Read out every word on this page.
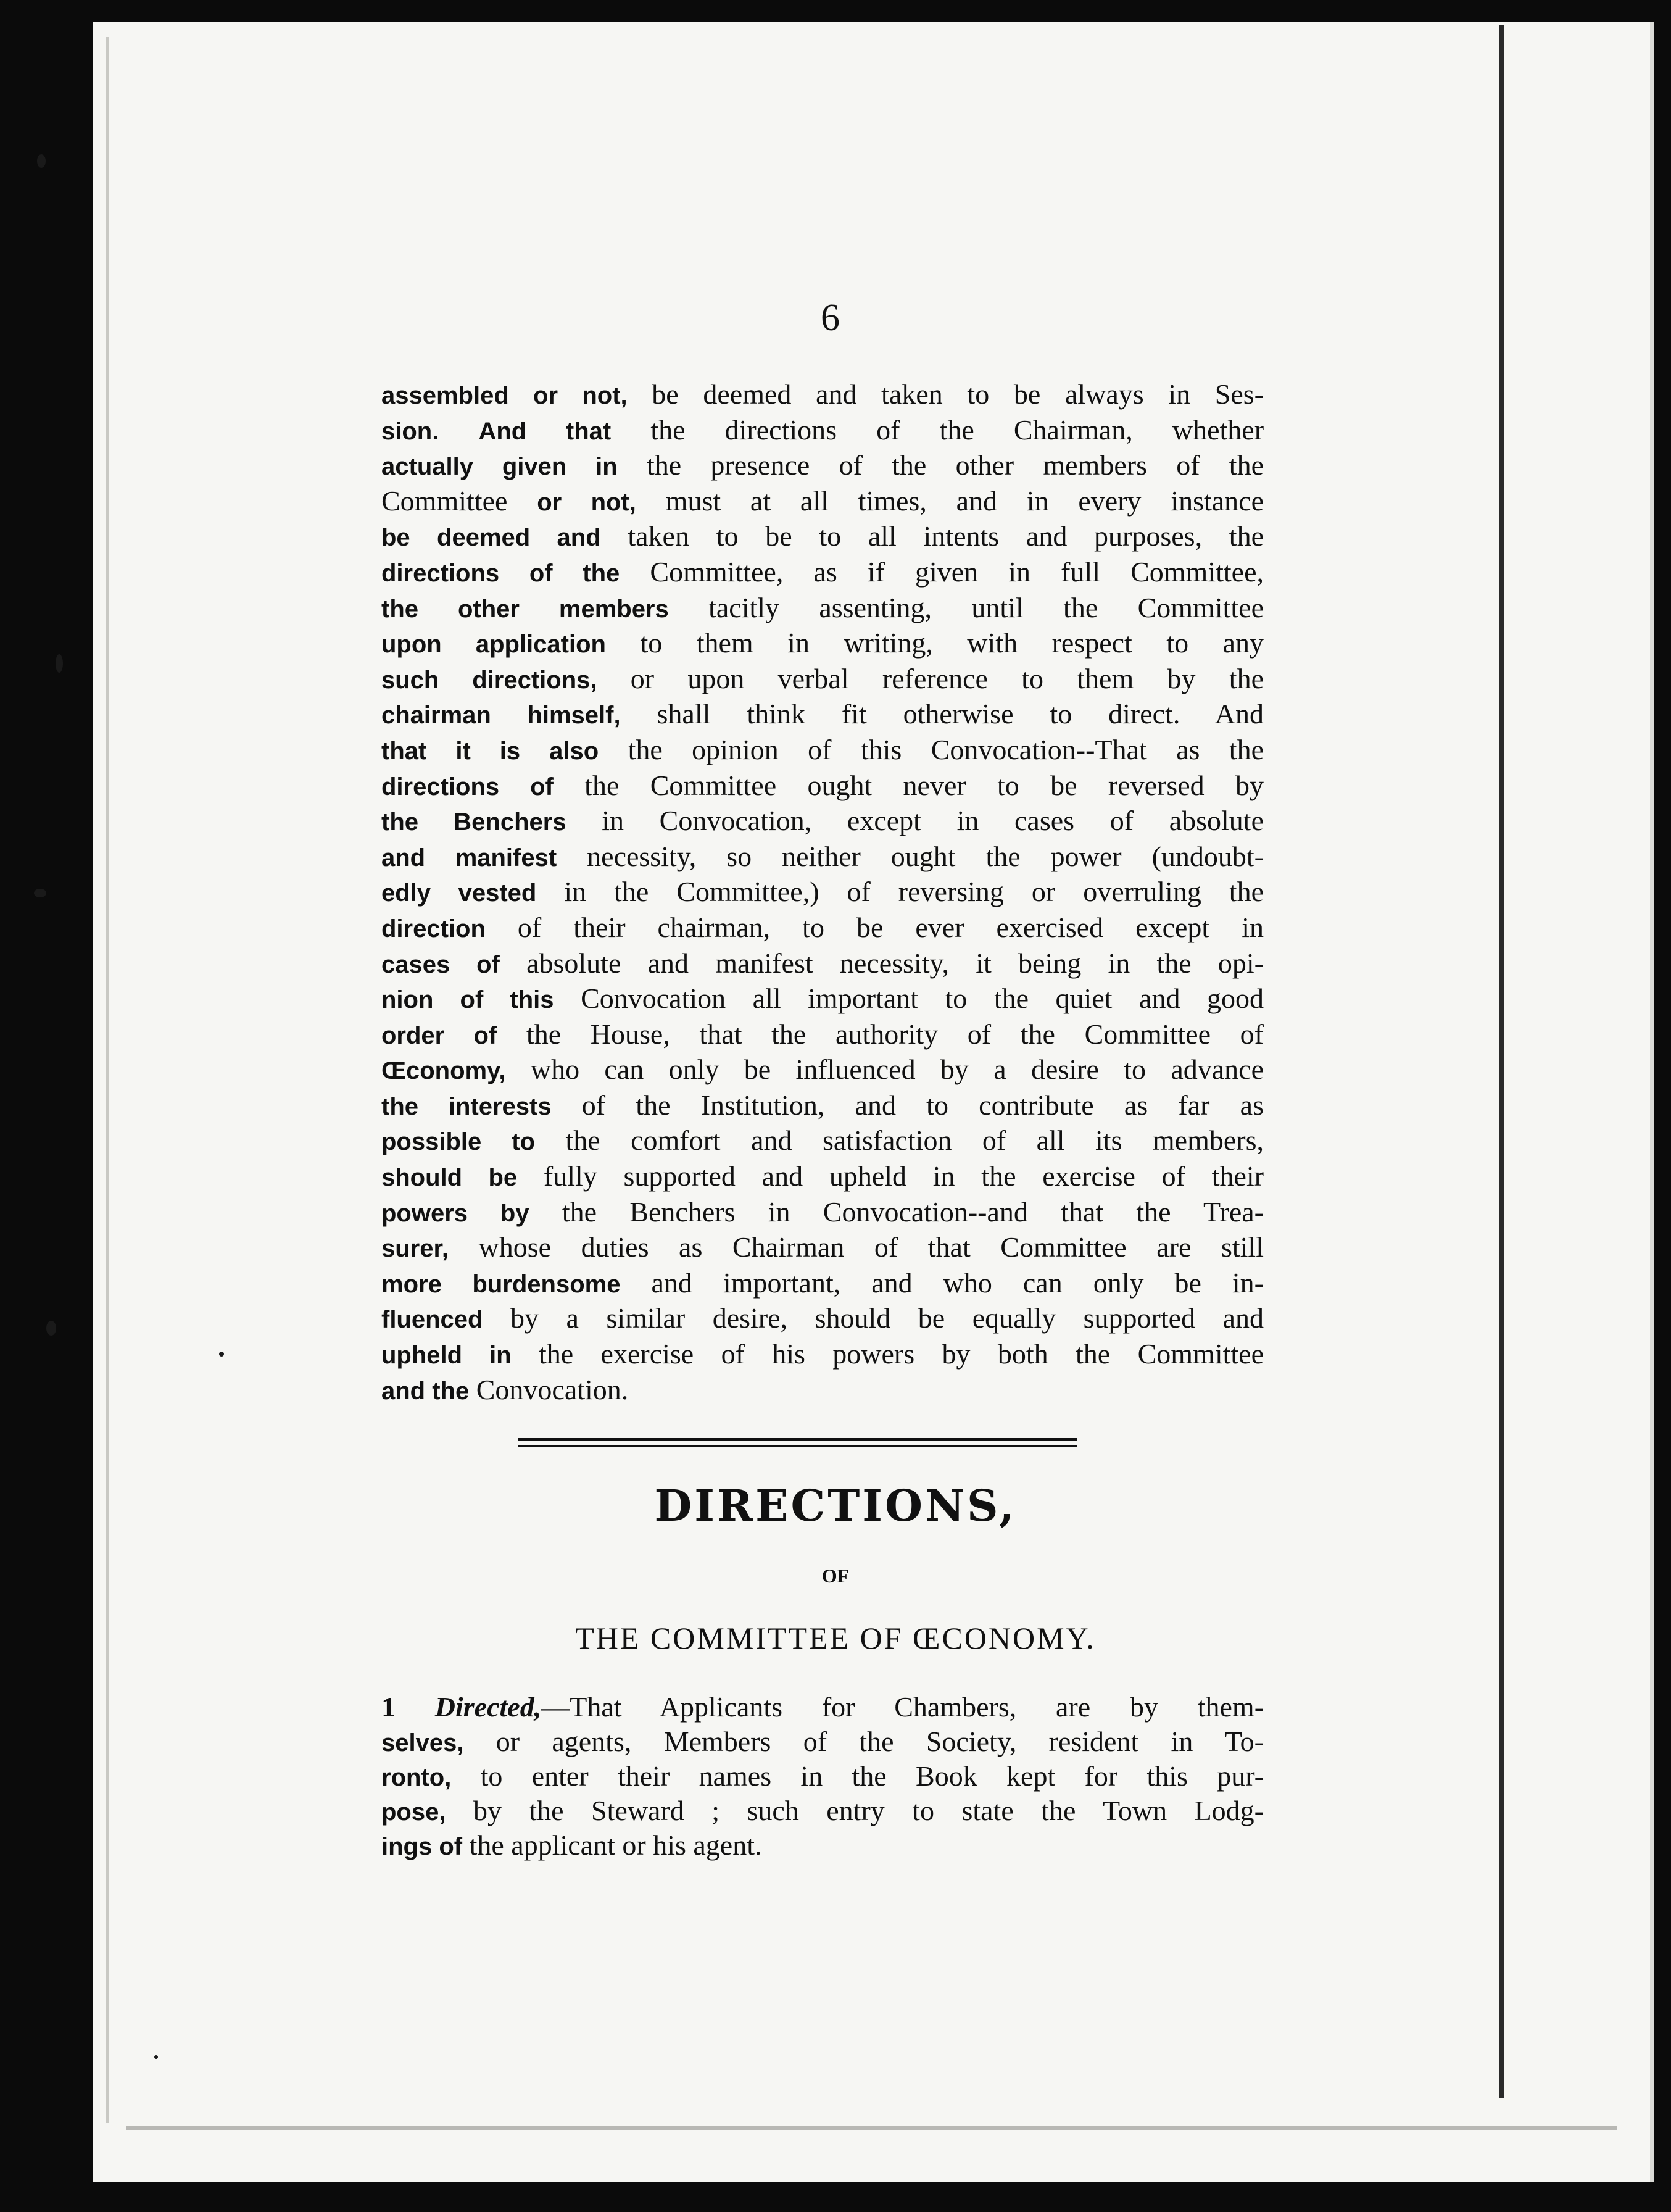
6
assembled or not, be deemed and taken to be always in Ses-
sion. And that the directions of the Chairman, whether
actually given in the presence of the other members of the
Committee or not, must at all times, and in every instance
be deemed and taken to be to all intents and purposes, the
directions of the Committee, as if given in full Committee,
the other members tacitly assenting, until the Committee
upon application to them in writing, with respect to any
such directions, or upon verbal reference to them by the
chairman himself, shall think fit otherwise to direct. And
that it is also the opinion of this Convocation--That as the
directions of the Committee ought never to be reversed by
the Benchers in Convocation, except in cases of absolute
and manifest necessity, so neither ought the power (undoubt-
edly vested in the Committee,) of reversing or overruling the
direction of their chairman, to be ever exercised except in
cases of absolute and manifest necessity, it being in the opi-
nion of this Convocation all important to the quiet and good
order of the House, that the authority of the Committee of
Œconomy, who can only be influenced by a desire to advance
the interests of the Institution, and to contribute as far as
possible to the comfort and satisfaction of all its members,
should be fully supported and upheld in the exercise of their
powers by the Benchers in Convocation--and that the Trea-
surer, whose duties as Chairman of that Committee are still
more burdensome and important, and who can only be in-
fluenced by a similar desire, should be equally supported and
upheld in the exercise of his powers by both the Committee
and the Convocation.
DIRECTIONS,
OF
THE COMMITTEE OF ŒCONOMY.
1 Directed,—That Applicants for Chambers, are by them-
selves, or agents, Members of the Society, resident in To-
ronto, to enter their names in the Book kept for this pur-
pose, by the Steward ; such entry to state the Town Lodg-
ings of the applicant or his agent.
